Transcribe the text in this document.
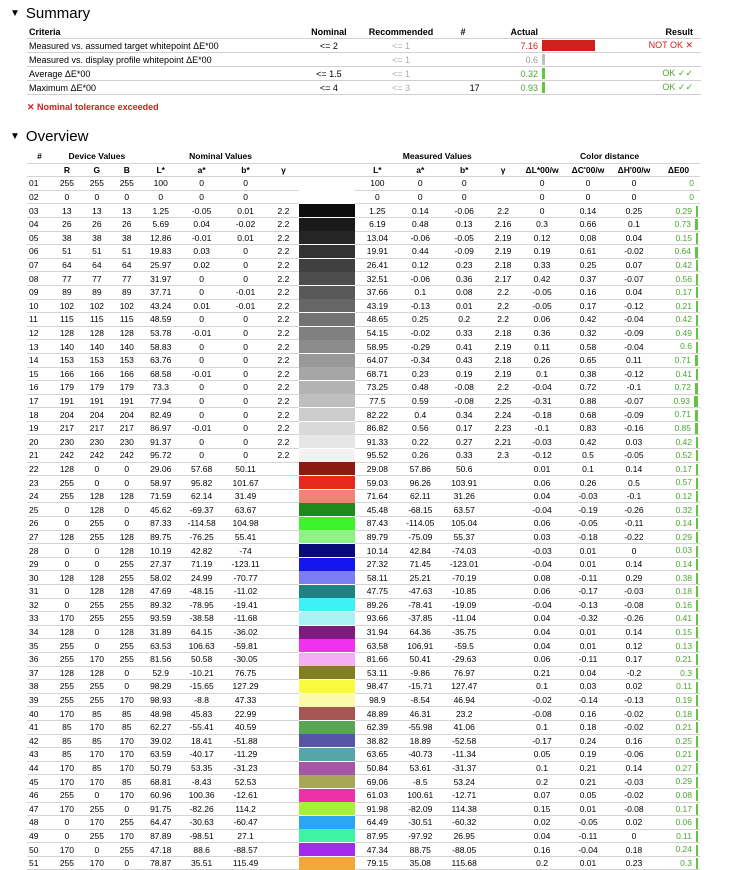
▼ Summary
Criteria	Nominal	Recommended	#	Actual		Result
Measured vs. assumed target whitepoint ΔE*00	<= 2	<= 1		7.16		NOT OK ✕
Measured vs. display profile whitepoint ΔE*00		<= 1		0.6		
Average ΔE*00	<= 1.5	<= 1		0.32		OK ✓✓
Maximum ΔE*00	<= 4	<= 3	17	0.93		OK ✓✓
✕ Nominal tolerance exceeded
▼ Overview
#	Device Values			Nominal Values					Measured Values				Color distance			
	R	G	B	L*	a*	b*	γ		L*	a*	b*	γ	ΔL*00/w	ΔC'00/w	ΔH'00/w	ΔE00
01	255	255	255	100	0	0			100	0	0		0	0	0	0
02	0	0	0	0	0	0			0	0	0		0	0	0	0
03	13	13	13	1.25	-0.05	0.01	2.2		1.25	0.14	-0.06	2.2	0	0.14	0.25	0.29
04	26	26	26	5.69	0.04	-0.02	2.2		6.19	0.48	0.13	2.16	0.3	0.66	0.1	0.73
05	38	38	38	12.86	-0.01	0.01	2.2		13.04	-0.06	-0.05	2.19	0.12	0.08	0.04	0.15
06	51	51	51	19.83	0.03	0	2.2		19.91	0.44	-0.09	2.19	0.19	0.61	-0.02	0.64
07	64	64	64	25.97	0.02	0	2.2		26.41	0.12	0.23	2.18	0.33	0.25	0.07	0.42
08	77	77	77	31.97	0	0	2.2		32.51	-0.06	0.36	2.17	0.42	0.37	-0.07	0.56
09	89	89	89	37.71	0	-0.01	2.2		37.66	0.1	0.08	2.2	-0.05	0.16	0.04	0.17
10	102	102	102	43.24	0.01	-0.01	2.2		43.19	-0.13	0.01	2.2	-0.05	0.17	-0.12	0.21
11	115	115	115	48.59	0	0	2.2		48.65	0.25	0.2	2.2	0.06	0.42	-0.04	0.42
12	128	128	128	53.78	-0.01	0	2.2		54.15	-0.02	0.33	2.18	0.36	0.32	-0.09	0.49
13	140	140	140	58.83	0	0	2.2		58.95	-0.29	0.41	2.19	0.11	0.58	-0.04	0.6
14	153	153	153	63.76	0	0	2.2		64.07	-0.34	0.43	2.18	0.26	0.65	0.11	0.71
15	166	166	166	68.58	-0.01	0	2.2		68.71	0.23	0.19	2.19	0.1	0.38	-0.12	0.41
16	179	179	179	73.3	0	0	2.2		73.25	0.48	-0.08	2.2	-0.04	0.72	-0.1	0.72
17	191	191	191	77.94	0	0	2.2		77.5	0.59	-0.08	2.25	-0.31	0.88	-0.07	0.93
18	204	204	204	82.49	0	0	2.2		82.22	0.4	0.34	2.24	-0.18	0.68	-0.09	0.71
19	217	217	217	86.97	-0.01	0	2.2		86.82	0.56	0.17	2.23	-0.1	0.83	-0.16	0.85
20	230	230	230	91.37	0	0	2.2		91.33	0.22	0.27	2.21	-0.03	0.42	0.03	0.42
21	242	242	242	95.72	0	0	2.2		95.52	0.26	0.33	2.3	-0.12	0.5	-0.05	0.52
22	128	0	0	29.06	57.68	50.11			29.08	57.86	50.6		0.01	0.1	0.14	0.17
23	255	0	0	58.97	95.82	101.67			59.03	96.26	103.91		0.06	0.26	0.5	0.57
24	255	128	128	71.59	62.14	31.49			71.64	62.11	31.26		0.04	-0.03	-0.1	0.12
25	0	128	0	45.62	-69.37	63.67			45.48	-68.15	63.57		-0.04	-0.19	-0.26	0.32
26	0	255	0	87.33	-114.58	104.98			87.43	-114.05	105.04		0.06	-0.05	-0.11	0.14
27	128	255	128	89.75	-76.25	55.41			89.79	-75.09	55.37		0.03	-0.18	-0.22	0.29
28	0	0	128	10.19	42.82	-74			10.14	42.84	-74.03		-0.03	0.01	0	0.03
29	0	0	255	27.37	71.19	-123.11			27.32	71.45	-123.01		-0.04	0.01	0.14	0.14
30	128	128	255	58.02	24.99	-70.77			58.11	25.21	-70.19		0.08	-0.11	0.29	0.38
31	0	128	128	47.69	-48.15	-11.02			47.75	-47.63	-10.85		0.06	-0.17	-0.03	0.18
32	0	255	255	89.32	-78.95	-19.41			89.26	-78.41	-19.09		-0.04	-0.13	-0.08	0.16
33	170	255	255	93.59	-38.58	-11.68			93.66	-37.85	-11.04		0.04	-0.32	-0.26	0.41
34	128	0	128	31.89	64.15	-36.02			31.94	64.36	-35.75		0.04	0.01	0.14	0.15
35	255	0	255	63.53	106.63	-59.81			63.58	106.91	-59.5		0.04	0.01	0.12	0.13
36	255	170	255	81.56	50.58	-30.05			81.66	50.41	-29.63		0.06	-0.11	0.17	0.21
37	128	128	0	52.9	-10.21	76.75			53.11	-9.86	76.97		0.21	0.04	-0.2	0.3
38	255	255	0	98.29	-15.65	127.29			98.47	-15.71	127.47		0.1	0.03	0.02	0.11
39	255	255	170	98.93	-8.8	47.33			98.9	-8.54	46.94		-0.02	-0.14	-0.13	0.19
40	170	85	85	48.98	45.83	22.99			48.89	46.31	23.2		-0.08	0.16	-0.02	0.18
41	85	170	85	62.27	-55.41	40.59			62.39	-55.98	41.06		0.1	0.18	-0.02	0.21
42	85	85	170	39.02	18.41	-51.88			38.82	18.89	-52.58		-0.17	0.24	0.16	0.25
43	85	170	170	63.59	-40.17	-11.29			63.65	-40.73	-11.34		0.05	0.19	-0.06	0.21
44	170	85	170	50.79	53.35	-31.23			50.84	53.61	-31.37		0.1	0.21	0.14	0.27
45	170	170	85	68.81	-8.43	52.53			69.06	-8.5	53.24		0.2	0.21	-0.03	0.29
46	255	0	170	60.96	100.36	-12.61			61.03	100.61	-12.71		0.07	0.05	-0.02	0.08
47	170	255	0	91.75	-82.26	114.2			91.98	-82.09	114.38		0.15	0.01	-0.08	0.17
48	0	170	255	64.47	-30.63	-60.47			64.49	-30.51	-60.32		0.02	-0.05	0.02	0.06
49	0	255	170	87.89	-98.51	27.1			87.95	-97.92	26.95		0.04	-0.11	0	0.11
50	170	0	255	47.18	88.6	-88.57			47.34	88.75	-88.05		0.16	-0.04	0.18	0.24
51	255	170	0	78.87	35.51	115.49			79.15	35.08	115.68		0.2	0.01	0.23	0.3
